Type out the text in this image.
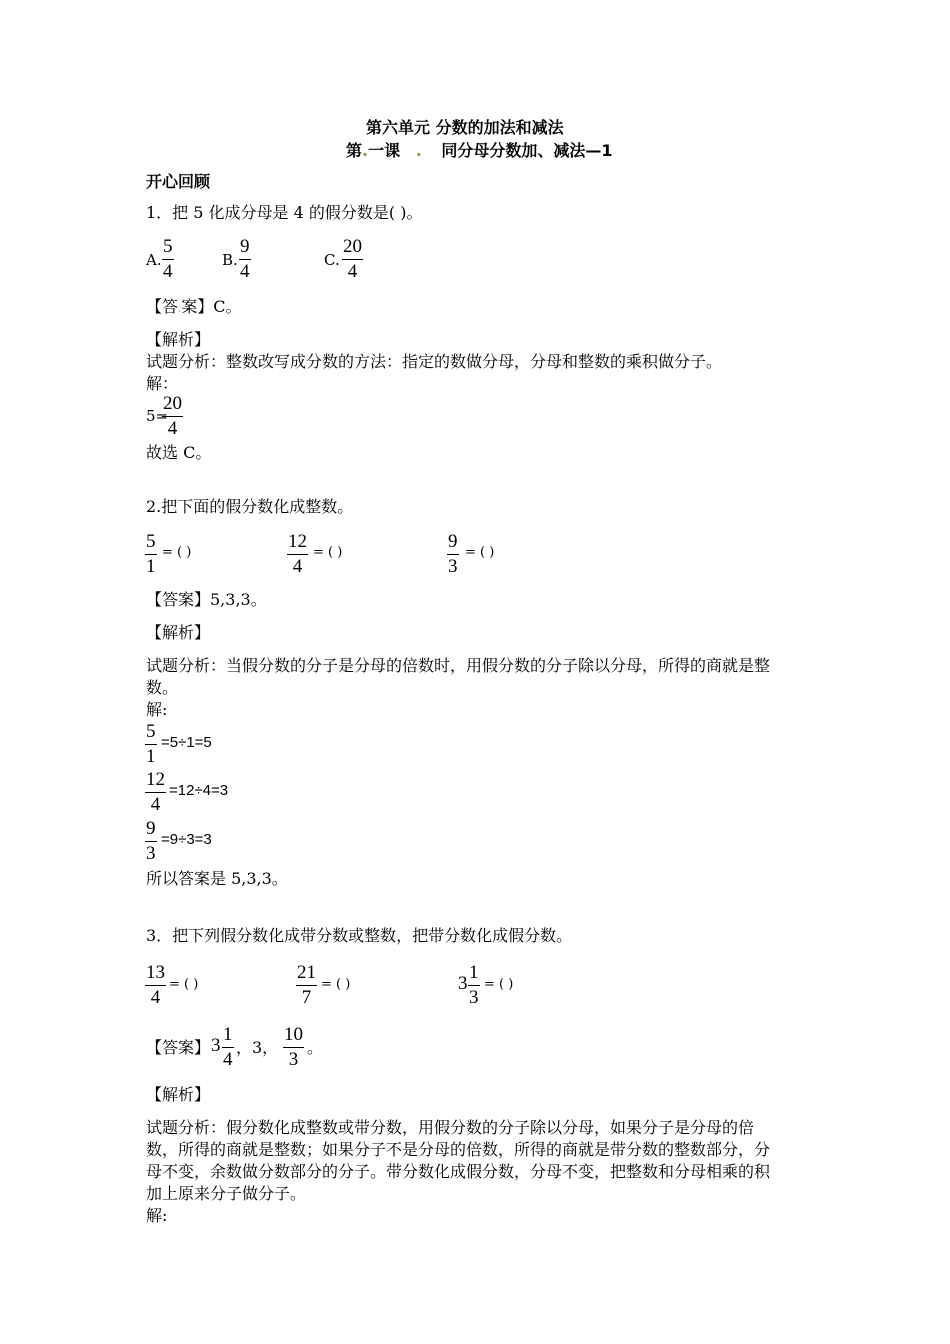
第六单元 分数的加法和减法
第.一课 . 同分母分数加、减法—1
开心回顾
1．把 5 化成分母是 4 的假分数是( )。
A.
5
4
B.
9
4
C.
20
4
【答.案】C。
【解析】
试题分析：整数改写成分数的方法：指定的数做分母，分母和整数的乘积做分子。
解：
5=
20
4
故选 C。
2.把下面的假分数化成整数。
5
1
= ( )
12
4
= ( )
9
3
= ( )
【答案】5,3,3。
【解析】
试题分析：当假分数的分子是分母的倍数时，用假分数的分子除以分母，所得的商就是整
数。
解:
5
1
=5÷1=5
12
4
=12÷4=3
9
3
=9÷3=3
所以答案是 5,3,3。
3．把下列假分数化成带分数或整数，把带分数化成假分数。
13
4
= ( )
21
7
= ( )	3
1
3
= ( )
【答案】 3
1
4
，3，
10
3
。
【解析】
试题分析：假分数化成整数或带分数，用假分数的分子除以分母，如果分子是分母的倍
数，所得的商就是整数；如果分子不是分母的倍数，所得的商就是带分数的整数部分，分
母不变，余数做分数部分的分子。带分数化成假分数，分母不变，把整数和分母相乘的积
加上原来分子做分子。
解:
